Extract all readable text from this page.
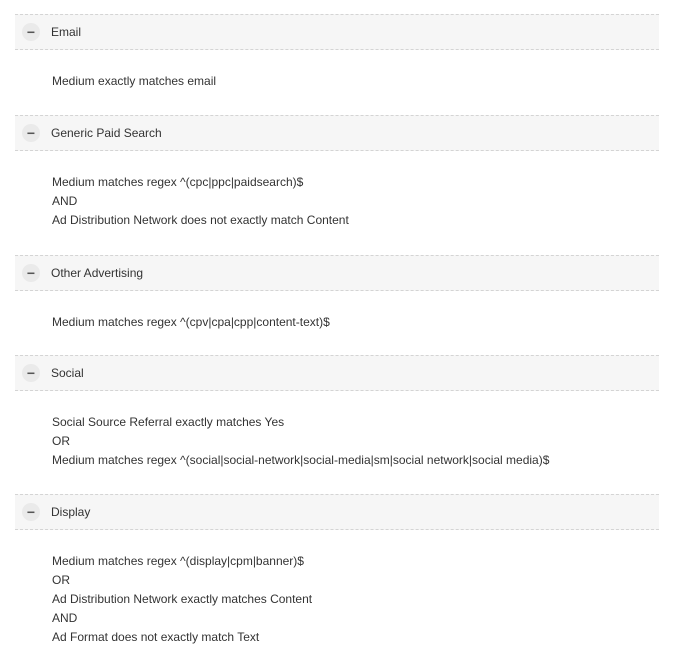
−	Email
Medium exactly matches email
−	Generic Paid Search
Medium matches regex ^(cpc|ppc|paidsearch)$
AND
Ad Distribution Network does not exactly match Content
−	Other Advertising
Medium matches regex ^(cpv|cpa|cpp|content-text)$
−	Social
Social Source Referral exactly matches Yes
OR
Medium matches regex ^(social|social-network|social-media|sm|social network|social media)$
−	Display
Medium matches regex ^(display|cpm|banner)$
OR
Ad Distribution Network exactly matches Content
AND
Ad Format does not exactly match Text
